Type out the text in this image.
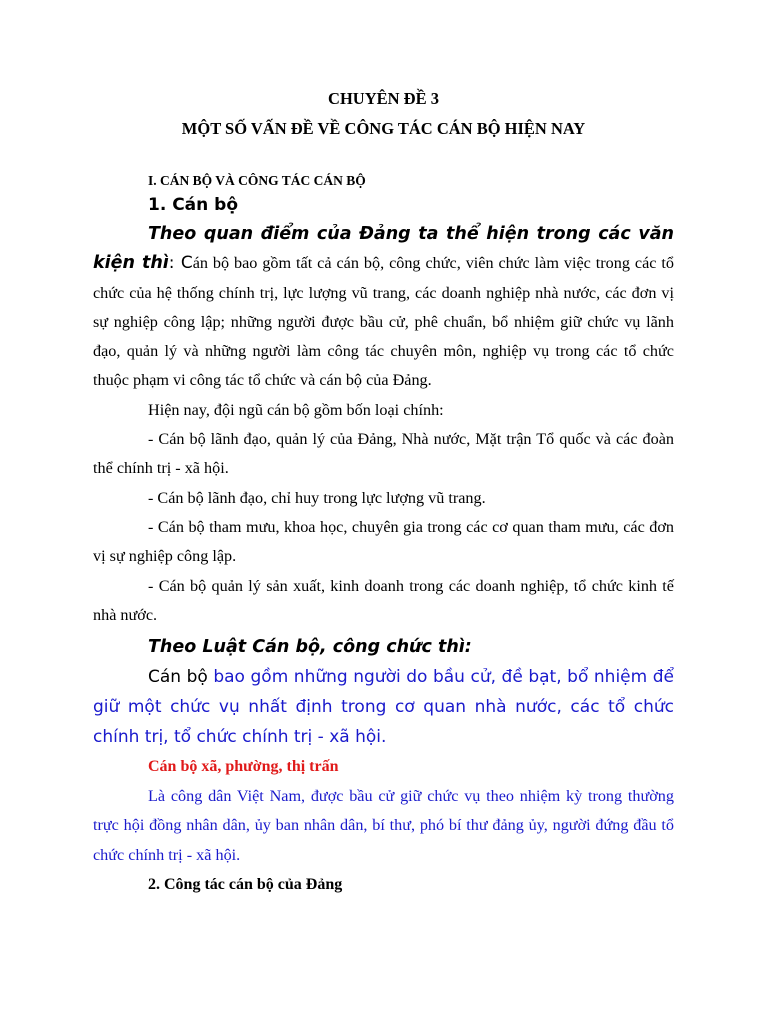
CHUYÊN ĐỀ 3

MỘT SỐ VẤN ĐỀ VỀ CÔNG TÁC CÁN BỘ HIỆN NAY

I. CÁN BỘ VÀ CÔNG TÁC CÁN BỘ

1. Cán bộ

Theo quan điểm của Đảng ta thể hiện trong các văn kiện thì: Cán bộ bao gồm tất cả cán bộ, công chức, viên chức làm việc trong các tổ chức của hệ thống chính trị, lực lượng vũ trang, các doanh nghiệp nhà nước, các đơn vị sự nghiệp công lập; những người được bầu cử, phê chuẩn, bổ nhiệm giữ chức vụ lãnh đạo, quản lý và những người làm công tác chuyên môn, nghiệp vụ trong các tổ chức thuộc phạm vi công tác tổ chức và cán bộ của Đảng.

Hiện nay, đội ngũ cán bộ gồm bốn loại chính:

- Cán bộ lãnh đạo, quản lý của Đảng, Nhà nước, Mặt trận Tổ quốc và các đoàn thể chính trị - xã hội.

- Cán bộ lãnh đạo, chỉ huy trong lực lượng vũ trang.

- Cán bộ tham mưu, khoa học, chuyên gia trong các cơ quan tham mưu, các đơn vị sự nghiệp công lập.

- Cán bộ quản lý sản xuất, kinh doanh trong các doanh nghiệp, tổ chức kinh tế nhà nước.

Theo Luật Cán bộ, công chức thì:

Cán bộ bao gồm những người do bầu cử, đề bạt, bổ nhiệm để giữ một chức vụ nhất định trong cơ quan nhà nước, các tổ chức chính trị, tổ chức chính trị - xã hội.

Cán bộ xã, phường, thị trấn

Là công dân Việt Nam, được bầu cử giữ chức vụ theo nhiệm kỳ trong thường trực hội đồng nhân dân, ủy ban nhân dân, bí thư, phó bí thư đảng ủy, người đứng đầu tổ chức chính trị - xã hội.

2. Công tác cán bộ của Đảng
